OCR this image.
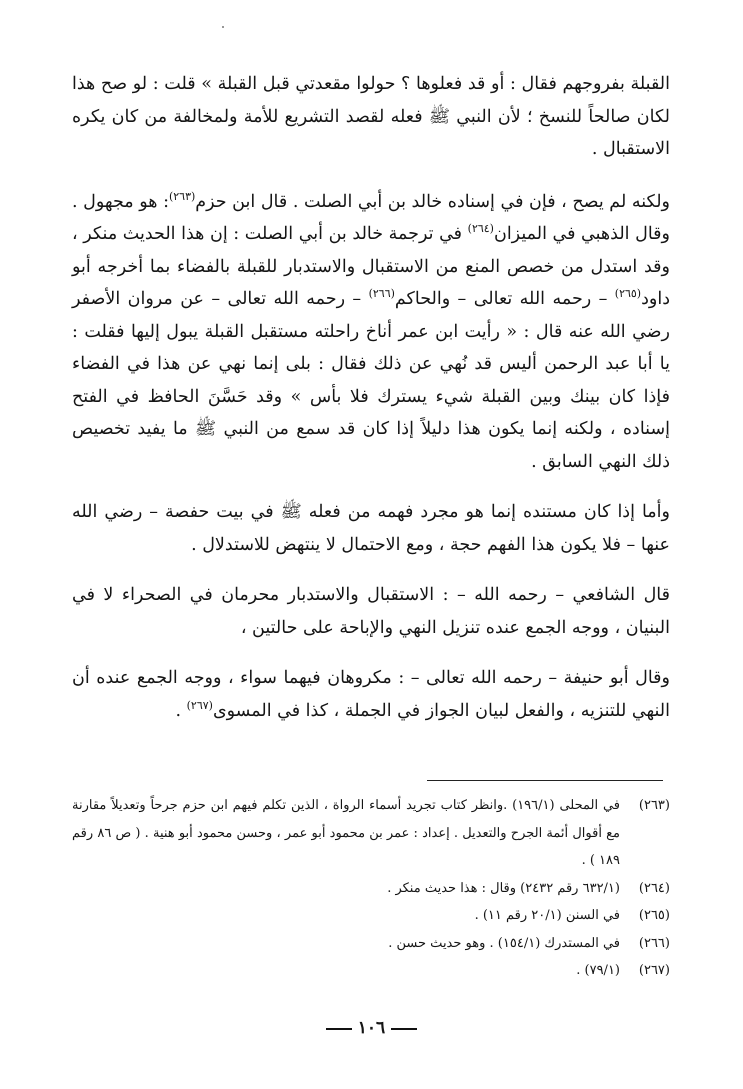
القبلة بفروجهم فقال : أو قد فعلوها ؟ حولوا مقعدتي قبل القبلة » قلت : لو صح هذا لكان صالحاً للنسخ ؛ لأن النبي ﷺ فعله لقصد التشريع للأمة ولمخالفة من كان يكره الاستقبال .

ولكنه لم يصح ، فإن في إسناده خالد بن أبي الصلت . قال ابن حزم$^{(٢٦٣)}$: هو مجهول . وقال الذهبي في الميزان$^{(٢٦٤)}$ في ترجمة خالد بن أبي الصلت : إن هذا الحديث منكر ، وقد استدل من خصص المنع من الاستقبال والاستدبار للقبلة بالفضاء بما أخرجه أبو داود$^{(٢٦٥)}$ – رحمه الله تعالى – والحاكم$^{(٢٦٦)}$ – رحمه الله تعالى – عن مروان الأصفر رضي الله عنه قال : « رأيت ابن عمر أناخ راحلته مستقبل القبلة يبول إليها فقلت : يا أبا عبد الرحمن أليس قد نُهي عن ذلك فقال : بلى إنما نهي عن هذا في الفضاء فإذا كان بينك وبين القبلة شيء يسترك فلا بأس » وقد حَسَّنَ الحافظ في الفتح إسناده ، ولكنه إنما يكون هذا دليلاً إذا كان قد سمع من النبي ﷺ ما يفيد تخصيص ذلك النهي السابق .

وأما إذا كان مستنده إنما هو مجرد فهمه من فعله ﷺ في بيت حفصة – رضي الله عنها – فلا يكون هذا الفهم حجة ، ومع الاحتمال لا ينتهض للاستدلال .

قال الشافعي – رحمه الله – : الاستقبال والاستدبار محرمان في الصحراء لا في البنيان ، ووجه الجمع عنده تنزيل النهي والإباحة على حالتين ،

وقال أبو حنيفة – رحمه الله تعالى – : مكروهان فيهما سواء ، ووجه الجمع عنده أن النهي للتنزيه ، والفعل لبيان الجواز في الجملة ، كذا في المسوى$^{(٢٦٧)}$ .

(٢٦٣)
في المحلى (١٩٦/١) .وانظر كتاب تجريد أسماء الرواة ، الذين تكلم فيهم ابن حزم جرحاً وتعديلاً مقارنة مع أقوال أئمة الجرح والتعديل . إعداد : عمر بن محمود أبو عمر ، وحسن محمود أبو هنية . ( ص ٨٦ رقم ١٨٩ ) .
(٢٦٤)
(٦٣٢/١ رقم ٢٤٣٢) وقال : هذا حديث منكر .
(٢٦٥)
في السنن (٢٠/١ رقم ١١) .
(٢٦٦)
في المستدرك (١٥٤/١) . وهو حديث حسن .
(٢٦٧)
(٧٩/١) .
١٠٦
